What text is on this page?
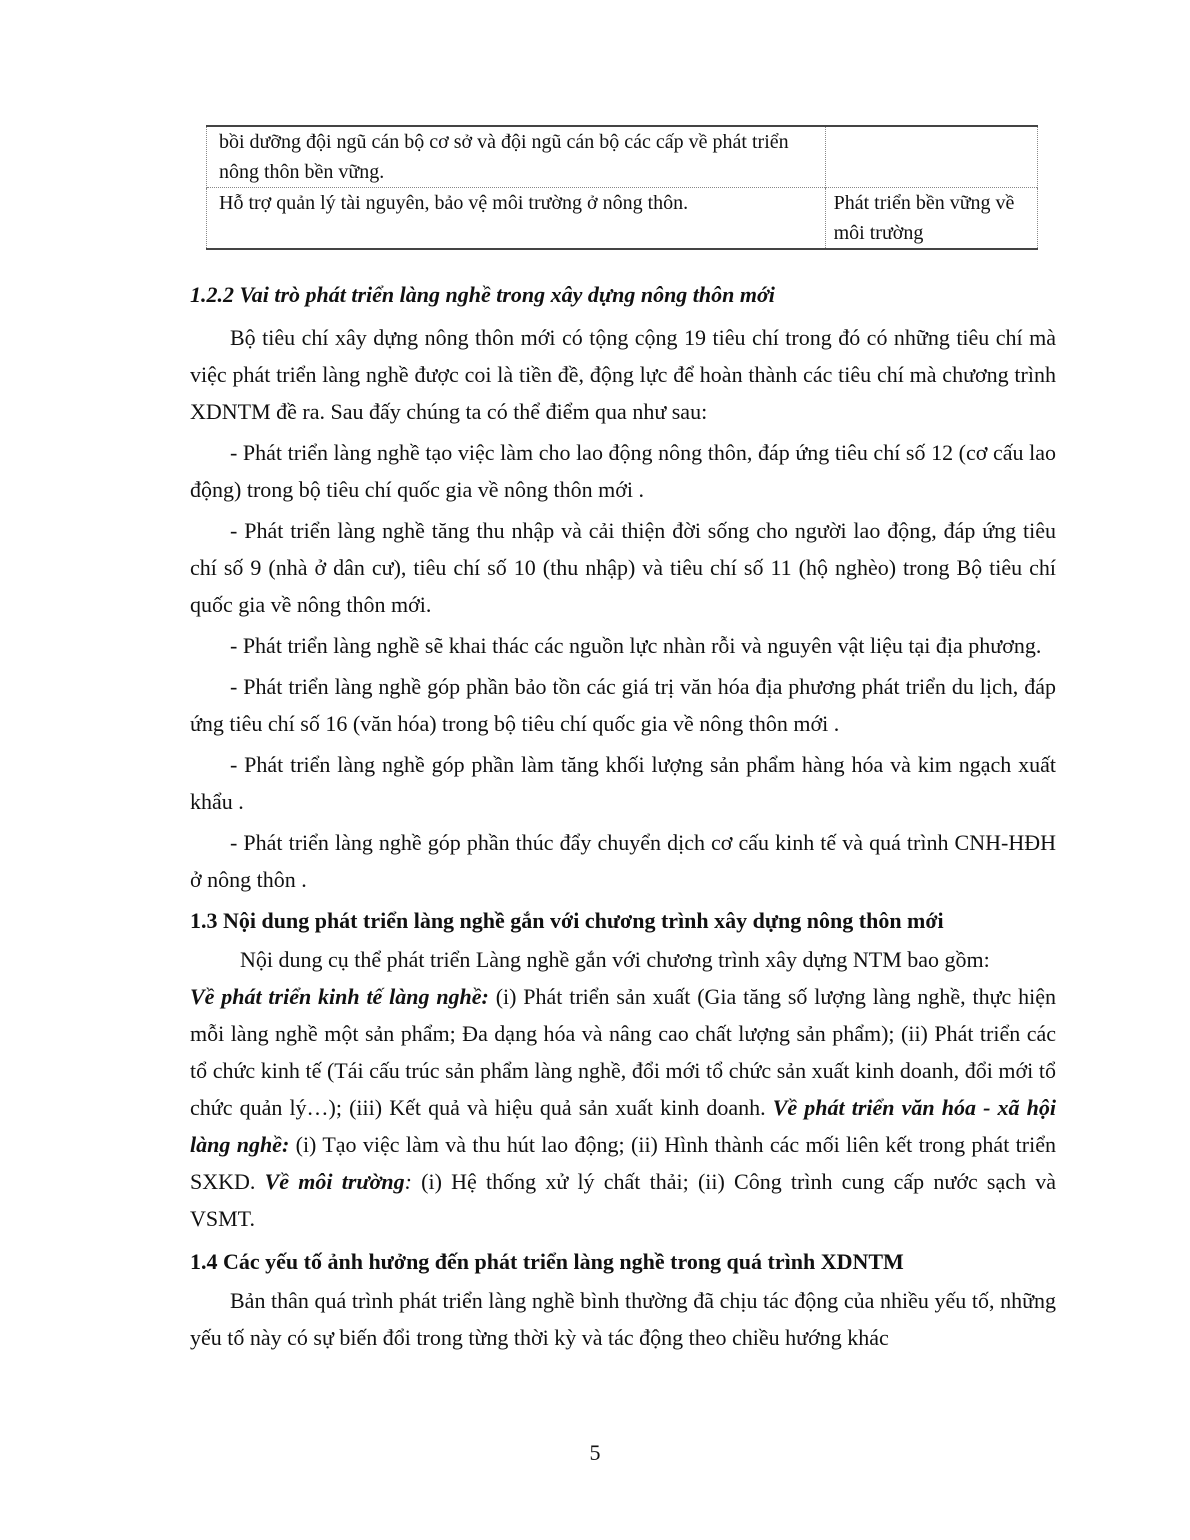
bồi dưỡng đội ngũ cán bộ cơ sở và đội ngũ cán bộ các cấp về phát triển nông thôn bền vững.	

Hỗ trợ quản lý tài nguyên, bảo vệ môi trường ở nông thôn.	Phát triển bền vững về môi trường
1.2.2 Vai trò phát triển làng nghề trong xây dựng nông thôn mới

Bộ tiêu chí xây dựng nông thôn mới có tộng cộng 19 tiêu chí trong đó có những tiêu chí mà việc phát triển làng nghề được coi là tiền đề, động lực để hoàn thành các tiêu chí mà chương trình XDNTM đề ra. Sau đấy chúng ta có thể điểm qua như sau:

- Phát triển làng nghề tạo việc làm cho lao động nông thôn, đáp ứng tiêu chí số 12 (cơ cấu lao động) trong bộ tiêu chí quốc gia về nông thôn mới .

- Phát triển làng nghề tăng thu nhập và cải thiện đời sống cho người lao động, đáp ứng tiêu chí số 9 (nhà ở dân cư), tiêu chí số 10 (thu nhập) và tiêu chí số 11 (hộ nghèo) trong Bộ tiêu chí quốc gia về nông thôn mới.

- Phát triển làng nghề sẽ khai thác các nguồn lực nhàn rỗi và nguyên vật liệu tại địa phương.

- Phát triển làng nghề góp phần bảo tồn các giá trị văn hóa địa phương phát triển du lịch, đáp ứng tiêu chí số 16 (văn hóa) trong bộ tiêu chí quốc gia về nông thôn mới .

- Phát triển làng nghề góp phần làm tăng khối lượng sản phẩm hàng hóa và kim ngạch xuất khẩu .

- Phát triển làng nghề góp phần thúc đẩy chuyển dịch cơ cấu kinh tế và quá trình CNH-HĐH ở nông thôn .

1.3 Nội dung phát triển làng nghề gắn với chương trình xây dựng nông thôn mới

Nội dung cụ thể phát triển Làng nghề gắn với chương trình xây dựng NTM bao gồm:

Về phát triển kinh tế làng nghề: (i) Phát triển sản xuất (Gia tăng số lượng làng nghề, thực hiện mỗi làng nghề một sản phẩm; Đa dạng hóa và nâng cao chất lượng sản phẩm); (ii) Phát triển các tổ chức kinh tế (Tái cấu trúc sản phẩm làng nghề, đổi mới tổ chức sản xuất kinh doanh, đổi mới tổ chức quản lý…); (iii) Kết quả và hiệu quả sản xuất kinh doanh. Về phát triển văn hóa - xã hội làng nghề: (i) Tạo việc làm và thu hút lao động; (ii) Hình thành các mối liên kết trong phát triển SXKD. Về môi trường: (i) Hệ thống xử lý chất thải; (ii) Công trình cung cấp nước sạch và VSMT.

1.4 Các yếu tố ảnh hưởng đến phát triển làng nghề trong quá trình XDNTM

Bản thân quá trình phát triển làng nghề bình thường đã chịu tác động của nhiều yếu tố, những yếu tố này có sự biến đổi trong từng thời kỳ và tác động theo chiều hướng khác

5
